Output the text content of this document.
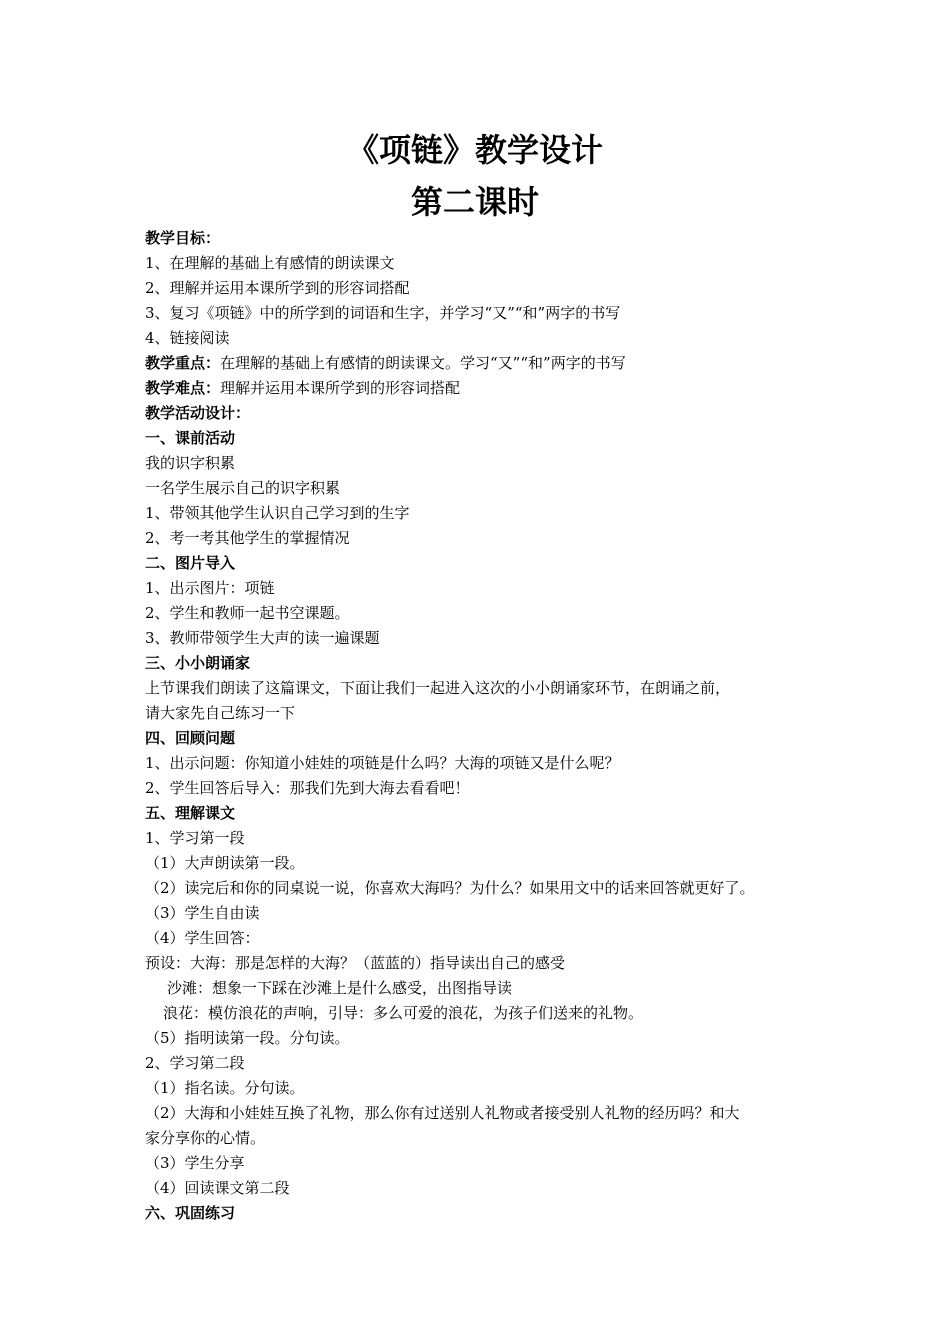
《项链》教学设计
第二课时
教学目标：
1、在理解的基础上有感情的朗读课文
2、理解并运用本课所学到的形容词搭配
3、复习《项链》中的所学到的词语和生字，并学习“又”“和”两字的书写
4、链接阅读
教学重点：在理解的基础上有感情的朗读课文。学习“又”“和”两字的书写
教学难点：理解并运用本课所学到的形容词搭配
教学活动设计：
一、课前活动
我的识字积累
一名学生展示自己的识字积累
1、带领其他学生认识自己学习到的生字
2、考一考其他学生的掌握情况
二、图片导入
1、出示图片：项链
2、学生和教师一起书空课题。
3、教师带领学生大声的读一遍课题
三、小小朗诵家
上节课我们朗读了这篇课文，下面让我们一起进入这次的小小朗诵家环节，在朗诵之前，
请大家先自己练习一下
四、回顾问题
1、出示问题：你知道小娃娃的项链是什么吗？大海的项链又是什么呢？
2、学生回答后导入：那我们先到大海去看看吧！
五、理解课文
1、学习第一段
（1）大声朗读第一段。
（2）读完后和你的同桌说一说，你喜欢大海吗？为什么？如果用文中的话来回答就更好了。
（3）学生自由读
（4）学生回答：
预设：大海：那是怎样的大海？（蓝蓝的）指导读出自己的感受
沙滩：想象一下踩在沙滩上是什么感受，出图指导读
浪花：模仿浪花的声响，引导：多么可爱的浪花，为孩子们送来的礼物。
（5）指明读第一段。分句读。
2、学习第二段
（1）指名读。分句读。
（2）大海和小娃娃互换了礼物，那么你有过送别人礼物或者接受别人礼物的经历吗？和大
家分享你的心情。
（3）学生分享
（4）回读课文第二段
六、巩固练习
